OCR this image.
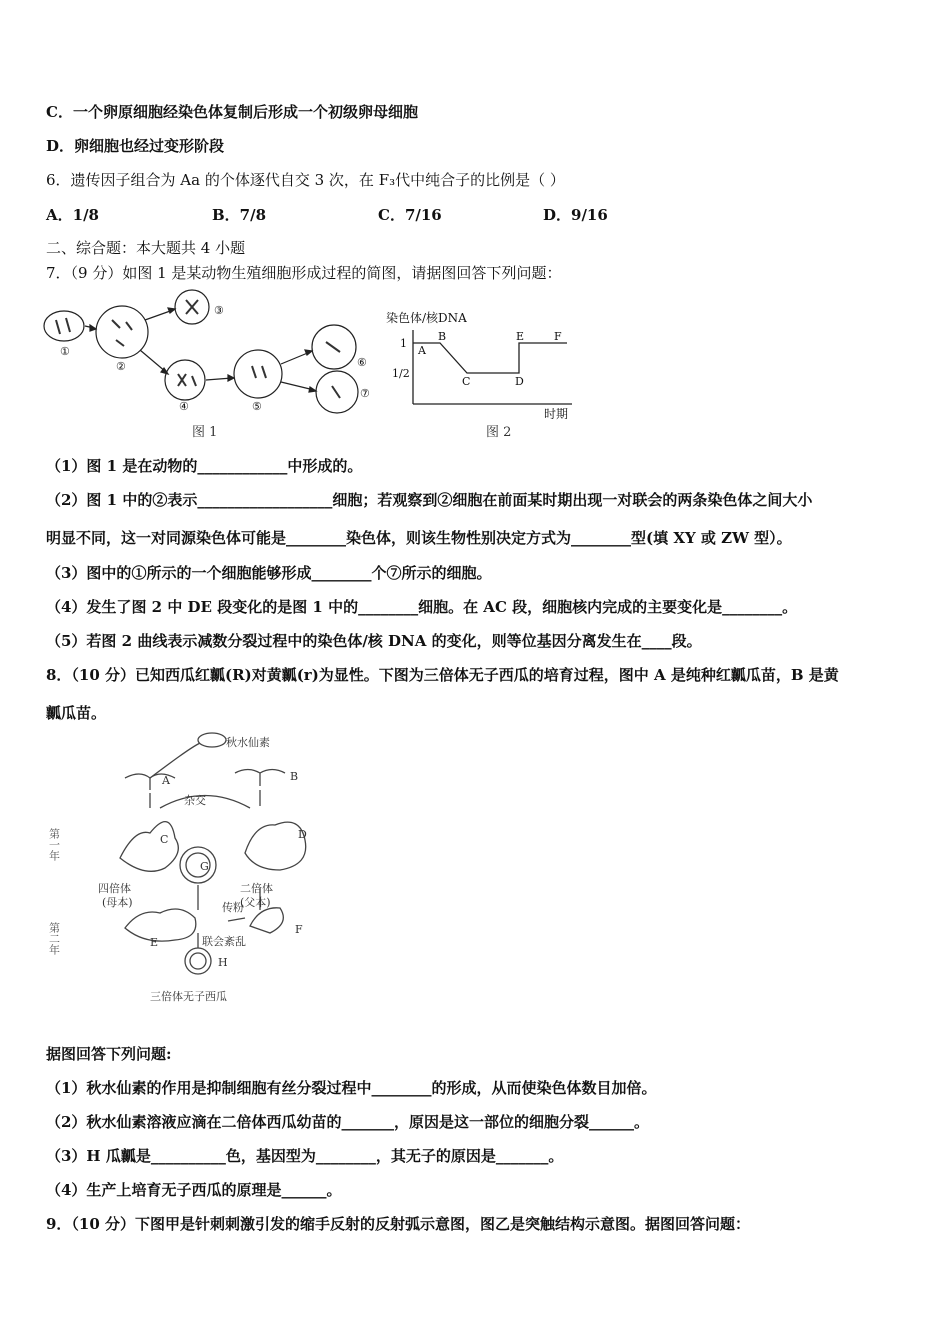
C．一个卵原细胞经染色体复制后形成一个初级卵母细胞
D．卵细胞也经过变形阶段
6．遗传因子组合为 Aa 的个体逐代自交 3 次，在 F₃代中纯合子的比例是（ ）
A．1/8	B．7/8	C．7/16	D．9/16
二、综合题：本大题共 4 小题
7．（9 分）如图 1 是某动物生殖细胞形成过程的简图，请据图回答下列问题：
①
②
③
④	⑤
⑥
⑦
图 1
染色体/核DNA
1
1/2
A
B
C	D
E	F
时期
图 2
（1）图 1 是在动物的____________中形成的。
（2）图 1 中的②表示__________________细胞；若观察到②细胞在前面某时期出现一对联会的两条染色体之间大小
明显不同，这一对同源染色体可能是________染色体，则该生物性别决定方式为________型(填 XY 或 ZW 型）。
（3）图中的①所示的一个细胞能够形成________个⑦所示的细胞。
（4）发生了图 2 中 DE 段变化的是图 1 中的________细胞。在 AC 段，细胞核内完成的主要变化是________。
（5）若图 2 曲线表示减数分裂过程中的染色体/核 DNA 的变化，则等位基因分离发生在____段。
8．（10 分）已知西瓜红瓤(R)对黄瓤(r)为显性。下图为三倍体无子西瓜的培育过程，图中 A 是纯种红瓤瓜苗，B 是黄
瓤瓜苗。
秋水仙素
杂交
四倍体
(母本)
二倍体
(父本)
传粉
联会紊乱
三倍体无子西瓜
A	B
C	D
E
F
G
H
第一年
第二年
据图回答下列问题:
（1）秋水仙素的作用是抑制细胞有丝分裂过程中________的形成，从而使染色体数目加倍。
（2）秋水仙素溶液应滴在二倍体西瓜幼苗的_______，原因是这一部位的细胞分裂______。
（3）H 瓜瓤是__________色，基因型为________，其无子的原因是_______。
（4）生产上培育无子西瓜的原理是______。
9．（10 分）下图甲是针刺刺激引发的缩手反射的反射弧示意图，图乙是突触结构示意图。据图回答问题：
